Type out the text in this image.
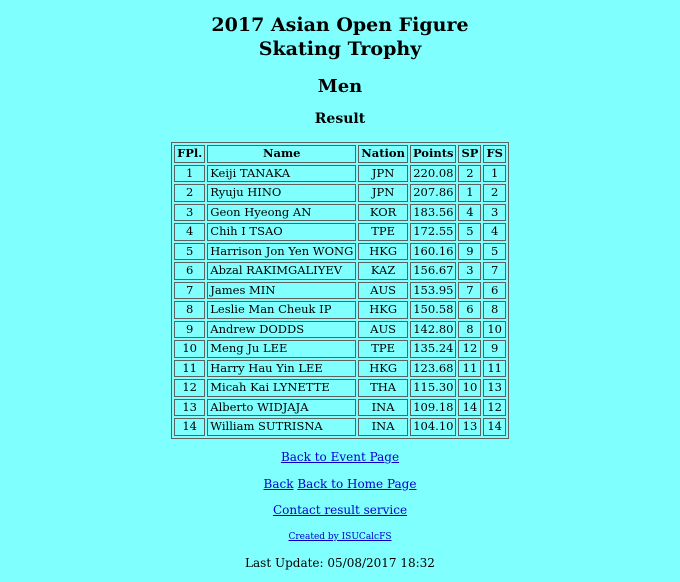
2017 Asian Open Figure Skating Trophy
Men
Result
FPl.	Name	Nation	Points	SP	FS
1	Keiji TANAKA	JPN	220.08	2	1
2	Ryuju HINO	JPN	207.86	1	2
3	Geon Hyeong AN	KOR	183.56	4	3
4	Chih I TSAO	TPE	172.55	5	4
5	Harrison Jon Yen WONG	HKG	160.16	9	5
6	Abzal RAKIMGALIYEV	KAZ	156.67	3	7
7	James MIN	AUS	153.95	7	6
8	Leslie Man Cheuk IP	HKG	150.58	6	8
9	Andrew DODDS	AUS	142.80	8	10
10	Meng Ju LEE	TPE	135.24	12	9
11	Harry Hau Yin LEE	HKG	123.68	11	11
12	Micah Kai LYNETTE	THA	115.30	10	13
13	Alberto WIDJAJA	INA	109.18	14	12
14	William SUTRISNA	INA	104.10	13	14

Back to Event Page

Back Back to Home Page

Contact result service

Created by ISUCalcFS

Last Update: 05/08/2017 18:32
